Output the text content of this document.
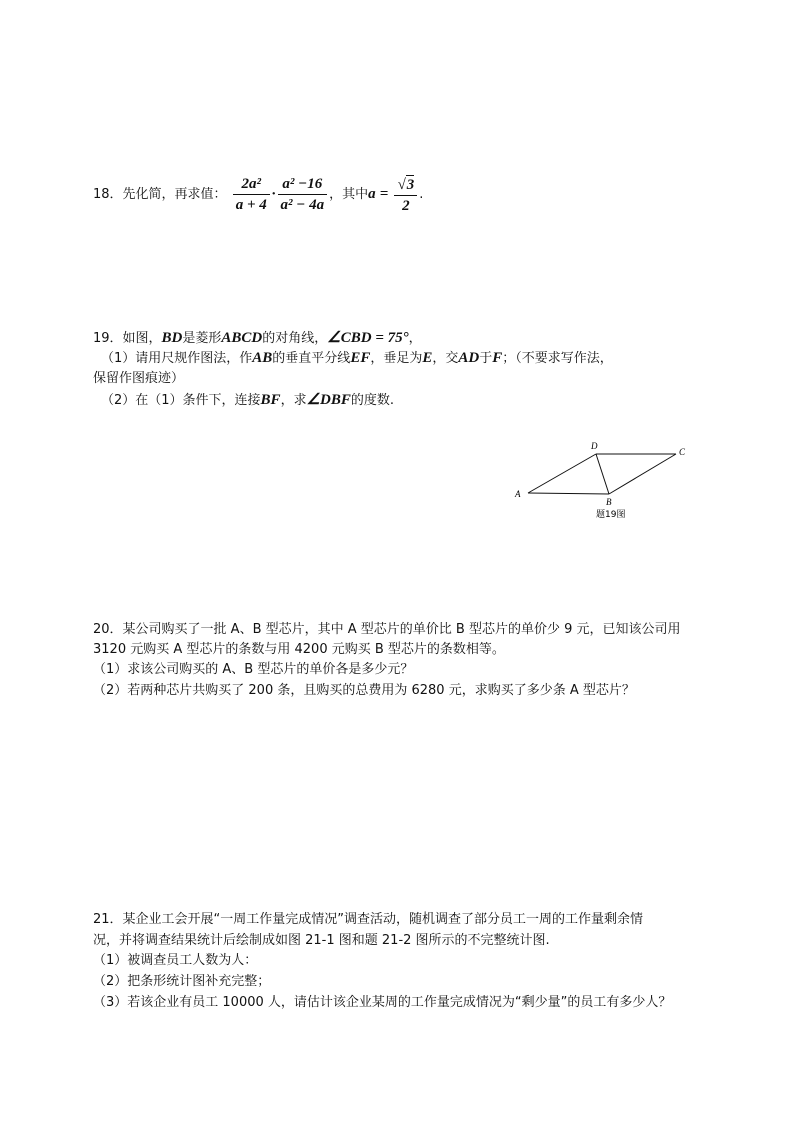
18．先化简，再求值： $\frac{\text{2a²}}{a + 4} \cdot \frac{\text{a² −16}}{\text{a² − 4a}}$ ，其中$a = \frac{√3}{2}$ .
19．如图，BD是菱形ABCD的对角线，∠CBD = 75°，
（1）请用尺规作图法，作AB的垂直平分线EF，垂足为E，交AD于F；（不要求写作法，
保留作图痕迹）
（2）在（1）条件下，连接BF，求∠DBF的度数.
A
D
C
B
题19图
20．某公司购买了一批 A、B 型芯片，其中 A 型芯片的单价比 B 型芯片的单价少 9 元，已知该公司用
3120 元购买 A 型芯片的条数与用 4200 元购买 B 型芯片的条数相等。
（1）求该公司购买的 A、B 型芯片的单价各是多少元？
（2）若两种芯片共购买了 200 条，且购买的总费用为 6280 元，求购买了多少条 A 型芯片？
21．某企业工会开展“一周工作量完成情况”调查活动，随机调查了部分员工一周的工作量剩余情
况，并将调查结果统计后绘制成如图 21-1 图和题 21-2 图所示的不完整统计图.
（1）被调查员工人数为人：
（2）把条形统计图补充完整；
（3）若该企业有员工 10000 人，请估计该企业某周的工作量完成情况为“剩少量”的员工有多少人？
